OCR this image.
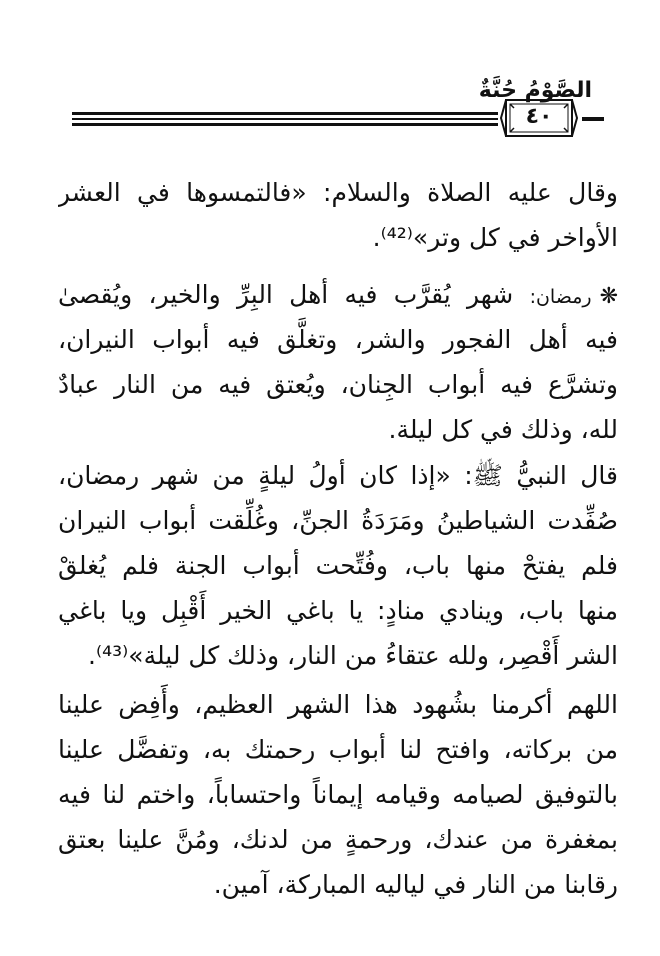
الصَّوْمُ جُنَّةٌ
٤٠
وقال عليه الصلاة والسلام: «فالتمسوها في العشر
الأواخر في كل وتر»⁽⁴²⁾.
❋رمضان: شهر يُقرَّب فيه أهل البِرِّ والخير، ويُقصىٰ
فيه أهل الفجور والشر، وتغلَّق فيه أبواب النيران،
وتشرَّع فيه أبواب الجِنان، ويُعتق فيه من النار عبادٌ
لله، وذلك في كل ليلة.
قال النبيُّ ﷺ: «إذا كان أولُ ليلةٍ من شهر رمضان،
صُفِّدت الشياطينُ ومَرَدَةُ الجنِّ، وغُلِّقت أبواب النيران
فلم يفتحْ منها باب، وفُتِّحت أبواب الجنة فلم يُغلقْ
منها باب، وينادي منادٍ: يا باغي الخير أَقْبِل ويا باغي
الشر أَقْصِر، ولله عتقاءُ من النار، وذلك كل ليلة»⁽⁴³⁾.
اللهم أكرمنا بشُهود هذا الشهر العظيم، وأَفِض علينا
من بركاته، وافتح لنا أبواب رحمتك به، وتفضَّل علينا
بالتوفيق لصيامه وقيامه إيماناً واحتساباً، واختم لنا فيه
بمغفرة من عندك، ورحمةٍ من لدنك، ومُنَّ علينا بعتق
رقابنا من النار في لياليه المباركة، آمين.
